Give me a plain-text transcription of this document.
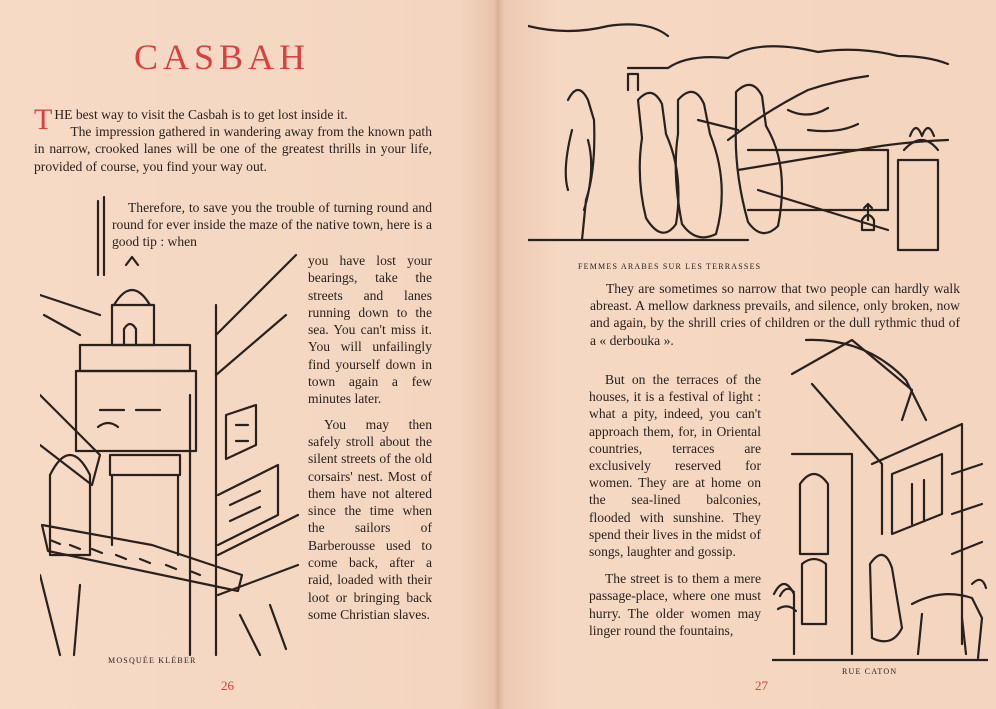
CASBAH

THE best way to visit the Casbah is to get lost inside it.

The impression gathered in wandering away from the known path in narrow, crooked lanes will be one of the greatest thrills in your life, provided of course, you find your way out.

Therefore, to save you the trouble of turning round and round for ever inside the maze of the native town, here is a good tip : when

you have lost your bearings, take the streets and lanes running down to the sea. You can't miss it. You will unfailingly find yourself down in town again a few minutes later.

You may then safely stroll about the silent streets of the old corsairs' nest. Most of them have not altered since the time when the sailors of Barberousse used to come back, after a raid, loaded with their loot or bringing back some Christian slaves.

MOSQUÉE KLÉBER
26
FEMMES ARABES SUR LES TERRASSES

They are sometimes so narrow that two people can hardly walk abreast. A mellow darkness prevails, and silence, only broken, now and again, by the shrill cries of children or the dull rythmic thud of a « derbouka ».

But on the terraces of the houses, it is a festival of light : what a pity, indeed, you can't approach them, for, in Oriental countries, terraces are exclusively reserved for women. They are at home on the sea-lined balconies, flooded with sunshine. They spend their lives in the midst of songs, laughter and gossip.

The street is to them a mere passage-place, where one must hurry. The older women may linger round the fountains,

RUE CATON
27
